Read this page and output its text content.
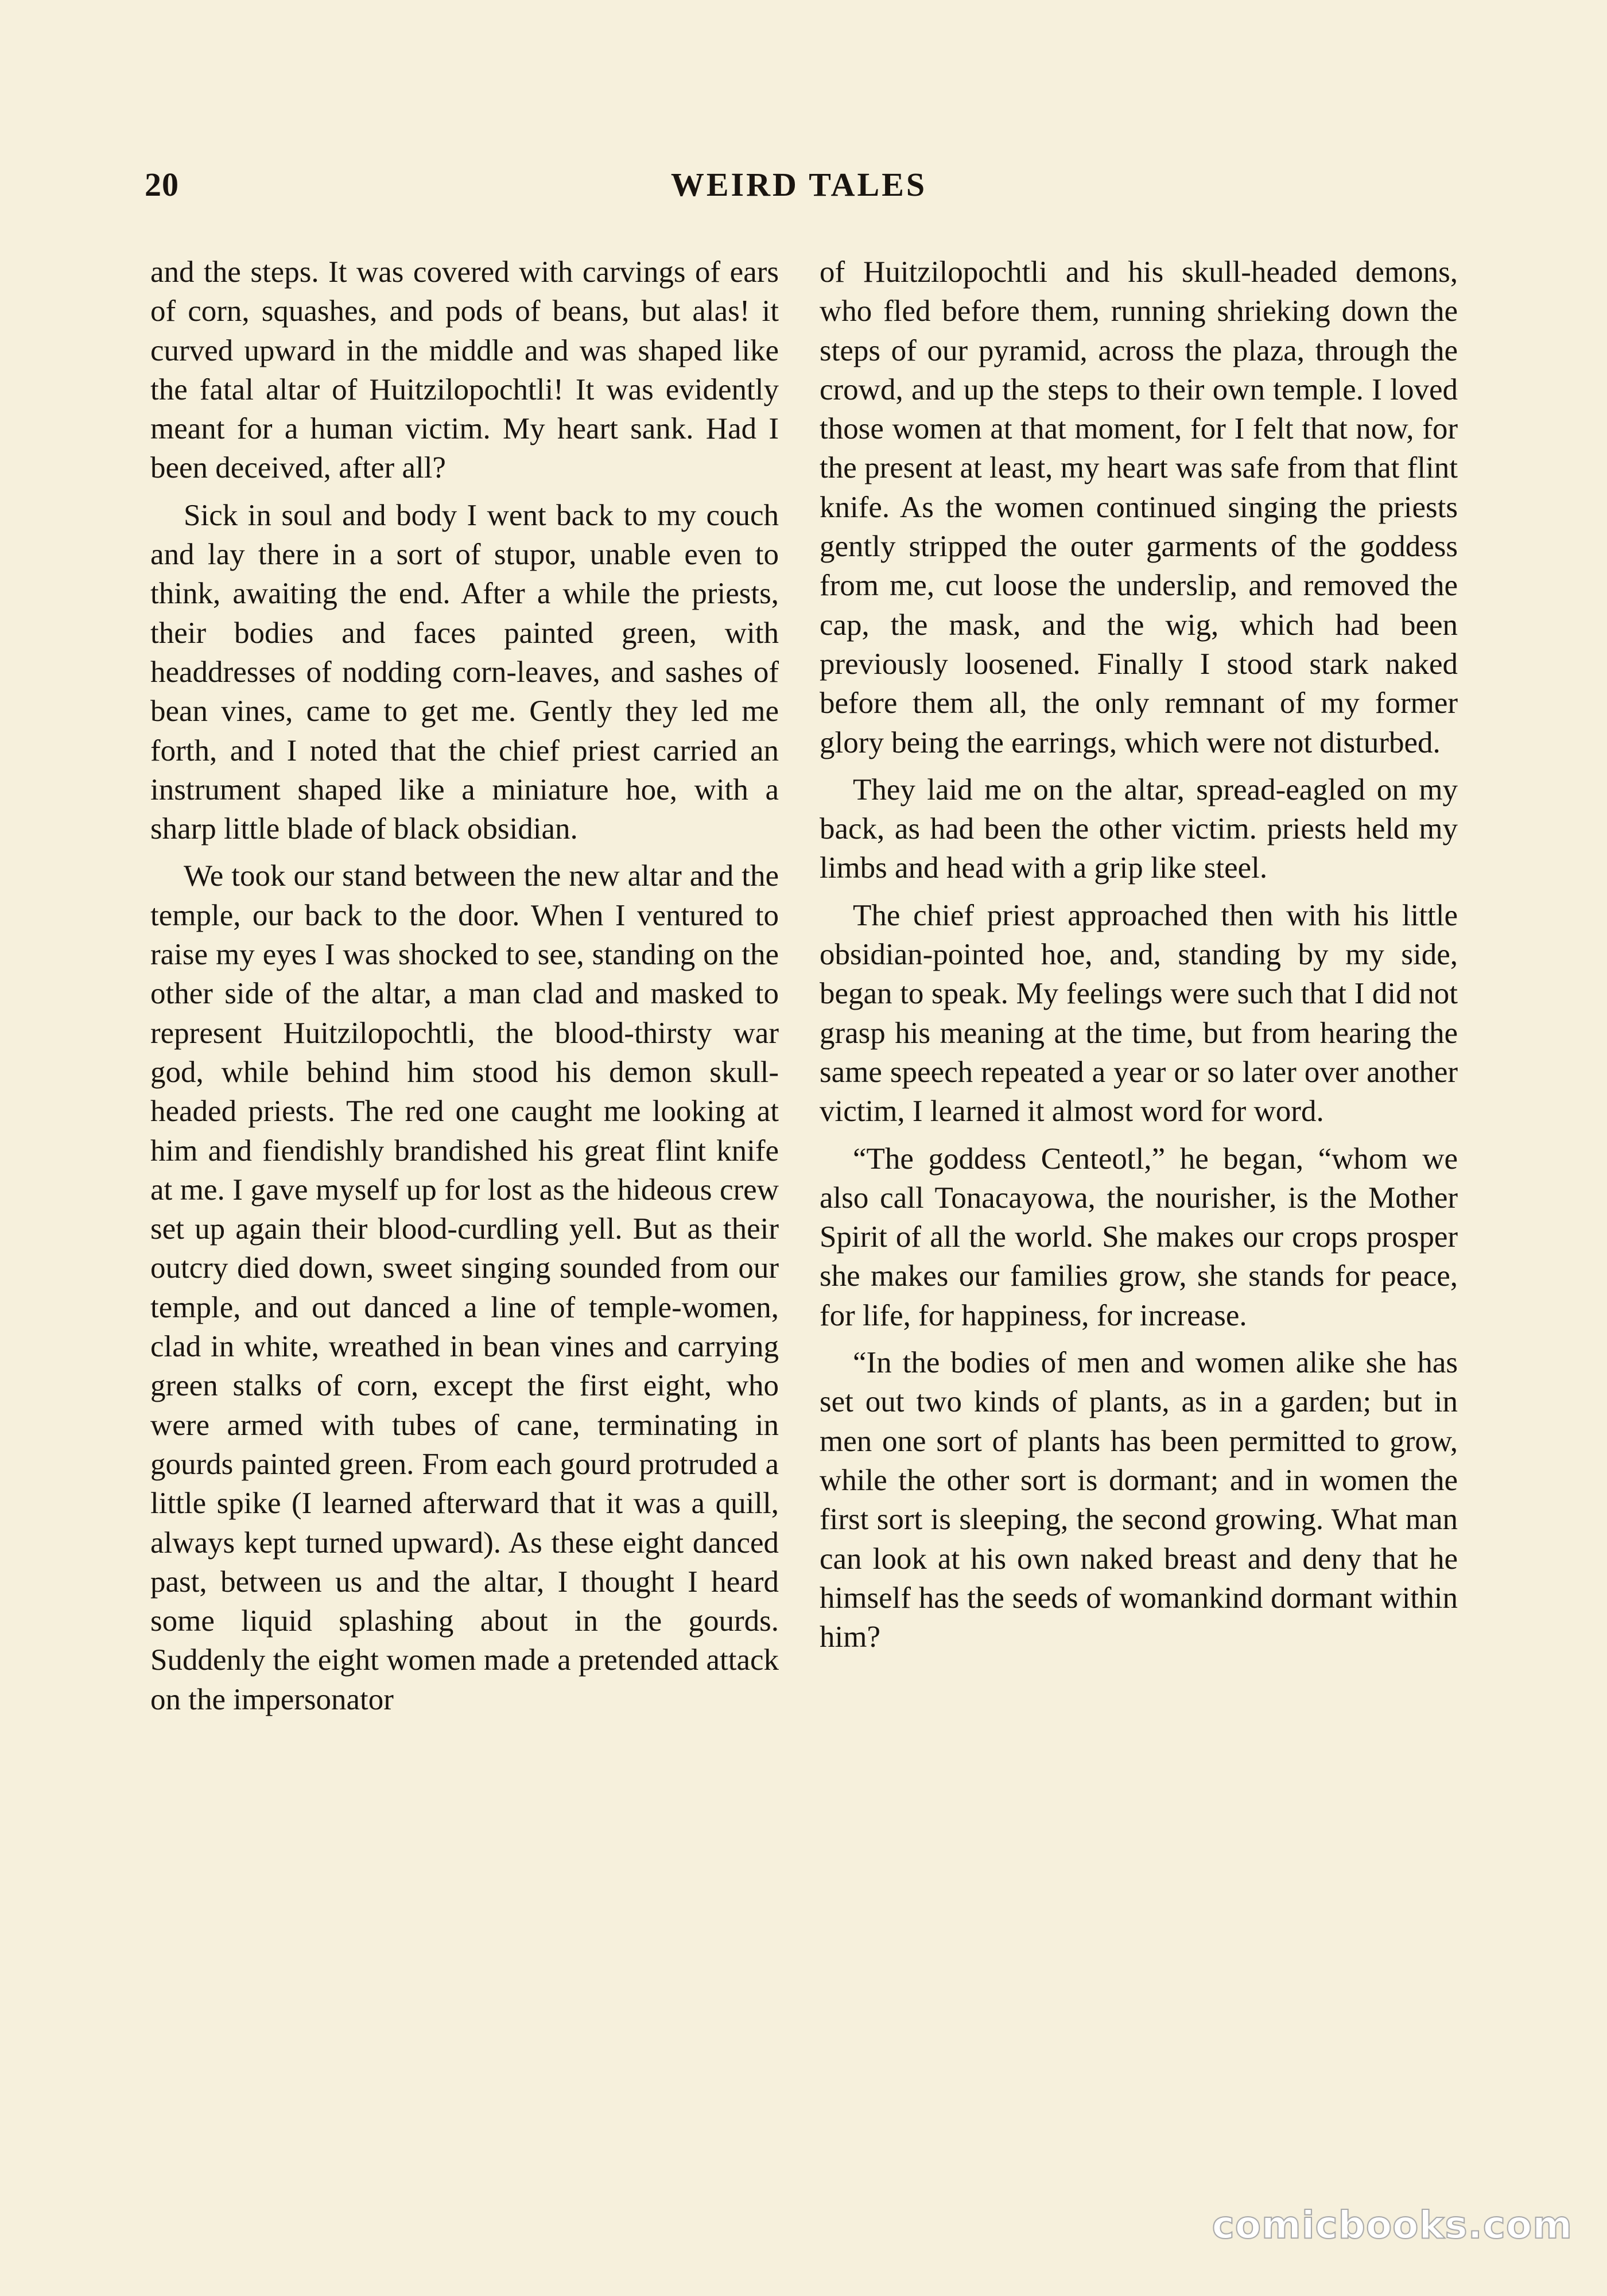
20	WEIRD TALES

and the steps. It was covered with carvings of ears of corn, squashes, and pods of beans, but alas! it curved upward in the middle and was shaped like the fatal altar of Huitzilopochtli! It was evidently meant for a human victim. My heart sank. Had I been deceived, after all?

Sick in soul and body I went back to my couch and lay there in a sort of stupor, unable even to think, awaiting the end. After a while the priests, their bodies and faces painted green, with headdresses of nodding corn-leaves, and sashes of bean vines, came to get me. Gently they led me forth, and I noted that the chief priest carried an instrument shaped like a miniature hoe, with a sharp little blade of black obsidian.

We took our stand between the new altar and the temple, our back to the door. When I ventured to raise my eyes I was shocked to see, standing on the other side of the altar, a man clad and masked to represent Huitzilopochtli, the blood-thirsty war god, while behind him stood his demon skull-headed priests. The red one caught me looking at him and fiendishly brandished his great flint knife at me. I gave myself up for lost as the hideous crew set up again their blood-curdling yell. But as their outcry died down, sweet singing sounded from our temple, and out danced a line of temple-women, clad in white, wreathed in bean vines and carrying green stalks of corn, except the first eight, who were armed with tubes of cane, terminating in gourds painted green. From each gourd protruded a little spike (I learned afterward that it was a quill, always kept turned upward). As these eight danced past, between us and the altar, I thought I heard some liquid splashing about in the gourds. Suddenly the eight women made a pretended attack on the impersonator

of Huitzilopochtli and his skull-headed demons, who fled before them, running shrieking down the steps of our pyramid, across the plaza, through the crowd, and up the steps to their own temple. I loved those women at that moment, for I felt that now, for the present at least, my heart was safe from that flint knife. As the women continued singing the priests gently stripped the outer garments of the goddess from me, cut loose the underslip, and removed the cap, the mask, and the wig, which had been previously loosened. Finally I stood stark naked before them all, the only remnant of my former glory being the earrings, which were not disturbed.

They laid me on the altar, spread-eagled on my back, as had been the other victim. priests held my limbs and head with a grip like steel.

The chief priest approached then with his little obsidian-pointed hoe, and, standing by my side, began to speak. My feelings were such that I did not grasp his meaning at the time, but from hearing the same speech repeated a year or so later over another victim, I learned it almost word for word.

“The goddess Centeotl,” he began, “whom we also call Tonacayowa, the nourisher, is the Mother Spirit of all the world. She makes our crops prosper she makes our families grow, she stands for peace, for life, for happiness, for increase.

“In the bodies of men and women alike she has set out two kinds of plants, as in a garden; but in men one sort of plants has been permitted to grow, while the other sort is dormant; and in women the first sort is sleeping, the second growing. What man can look at his own naked breast and deny that he himself has the seeds of womankind dormant within him?

comicbooks.com
